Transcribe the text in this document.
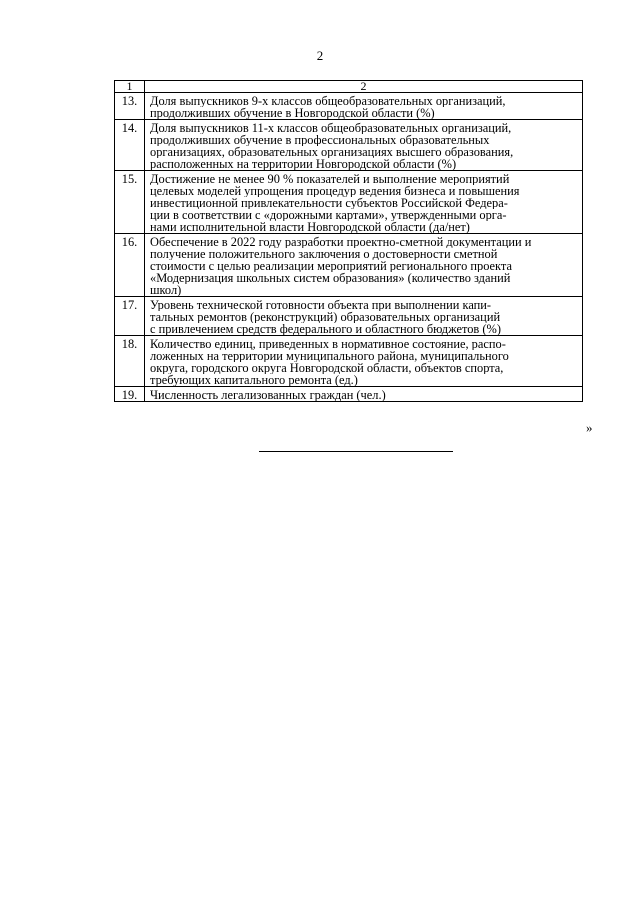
2
1	2
13.	Доля выпускников 9-х классов общеобразовательных организаций,
продолживших обучение в Новгородской области (%)

14.	Доля выпускников 11-х классов общеобразовательных организаций,
продолживших обучение в профессиональных образовательных
организациях, образовательных организациях высшего образования,
расположенных на территории Новгородской области (%)

15.	Достижение не менее 90 % показателей и выполнение мероприятий
целевых моделей упрощения процедур ведения бизнеса и повышения
инвестиционной привлекательности субъектов Российской Федера-
ции в соответствии с «дорожными картами», утвержденными орга-
нами исполнительной власти Новгородской области (да/нет)

16.	Обеспечение в 2022 году разработки проектно-сметной документации и
получение положительного заключения о достоверности сметной
стоимости с целью реализации мероприятий регионального проекта
«Модернизация школьных систем образования» (количество зданий
школ)

17.	Уровень технической готовности объекта при выполнении капи-
тальных ремонтов (реконструкций) образовательных организаций
с привлечением средств федерального и областного бюджетов (%)

18.	Количество единиц, приведенных в нормативное состояние, распо-
ложенных на территории муниципального района, муниципального
округа, городского округа Новгородской области, объектов спорта,
требующих капитального ремонта (ед.)

19.	Численность легализованных граждан (чел.)
»
